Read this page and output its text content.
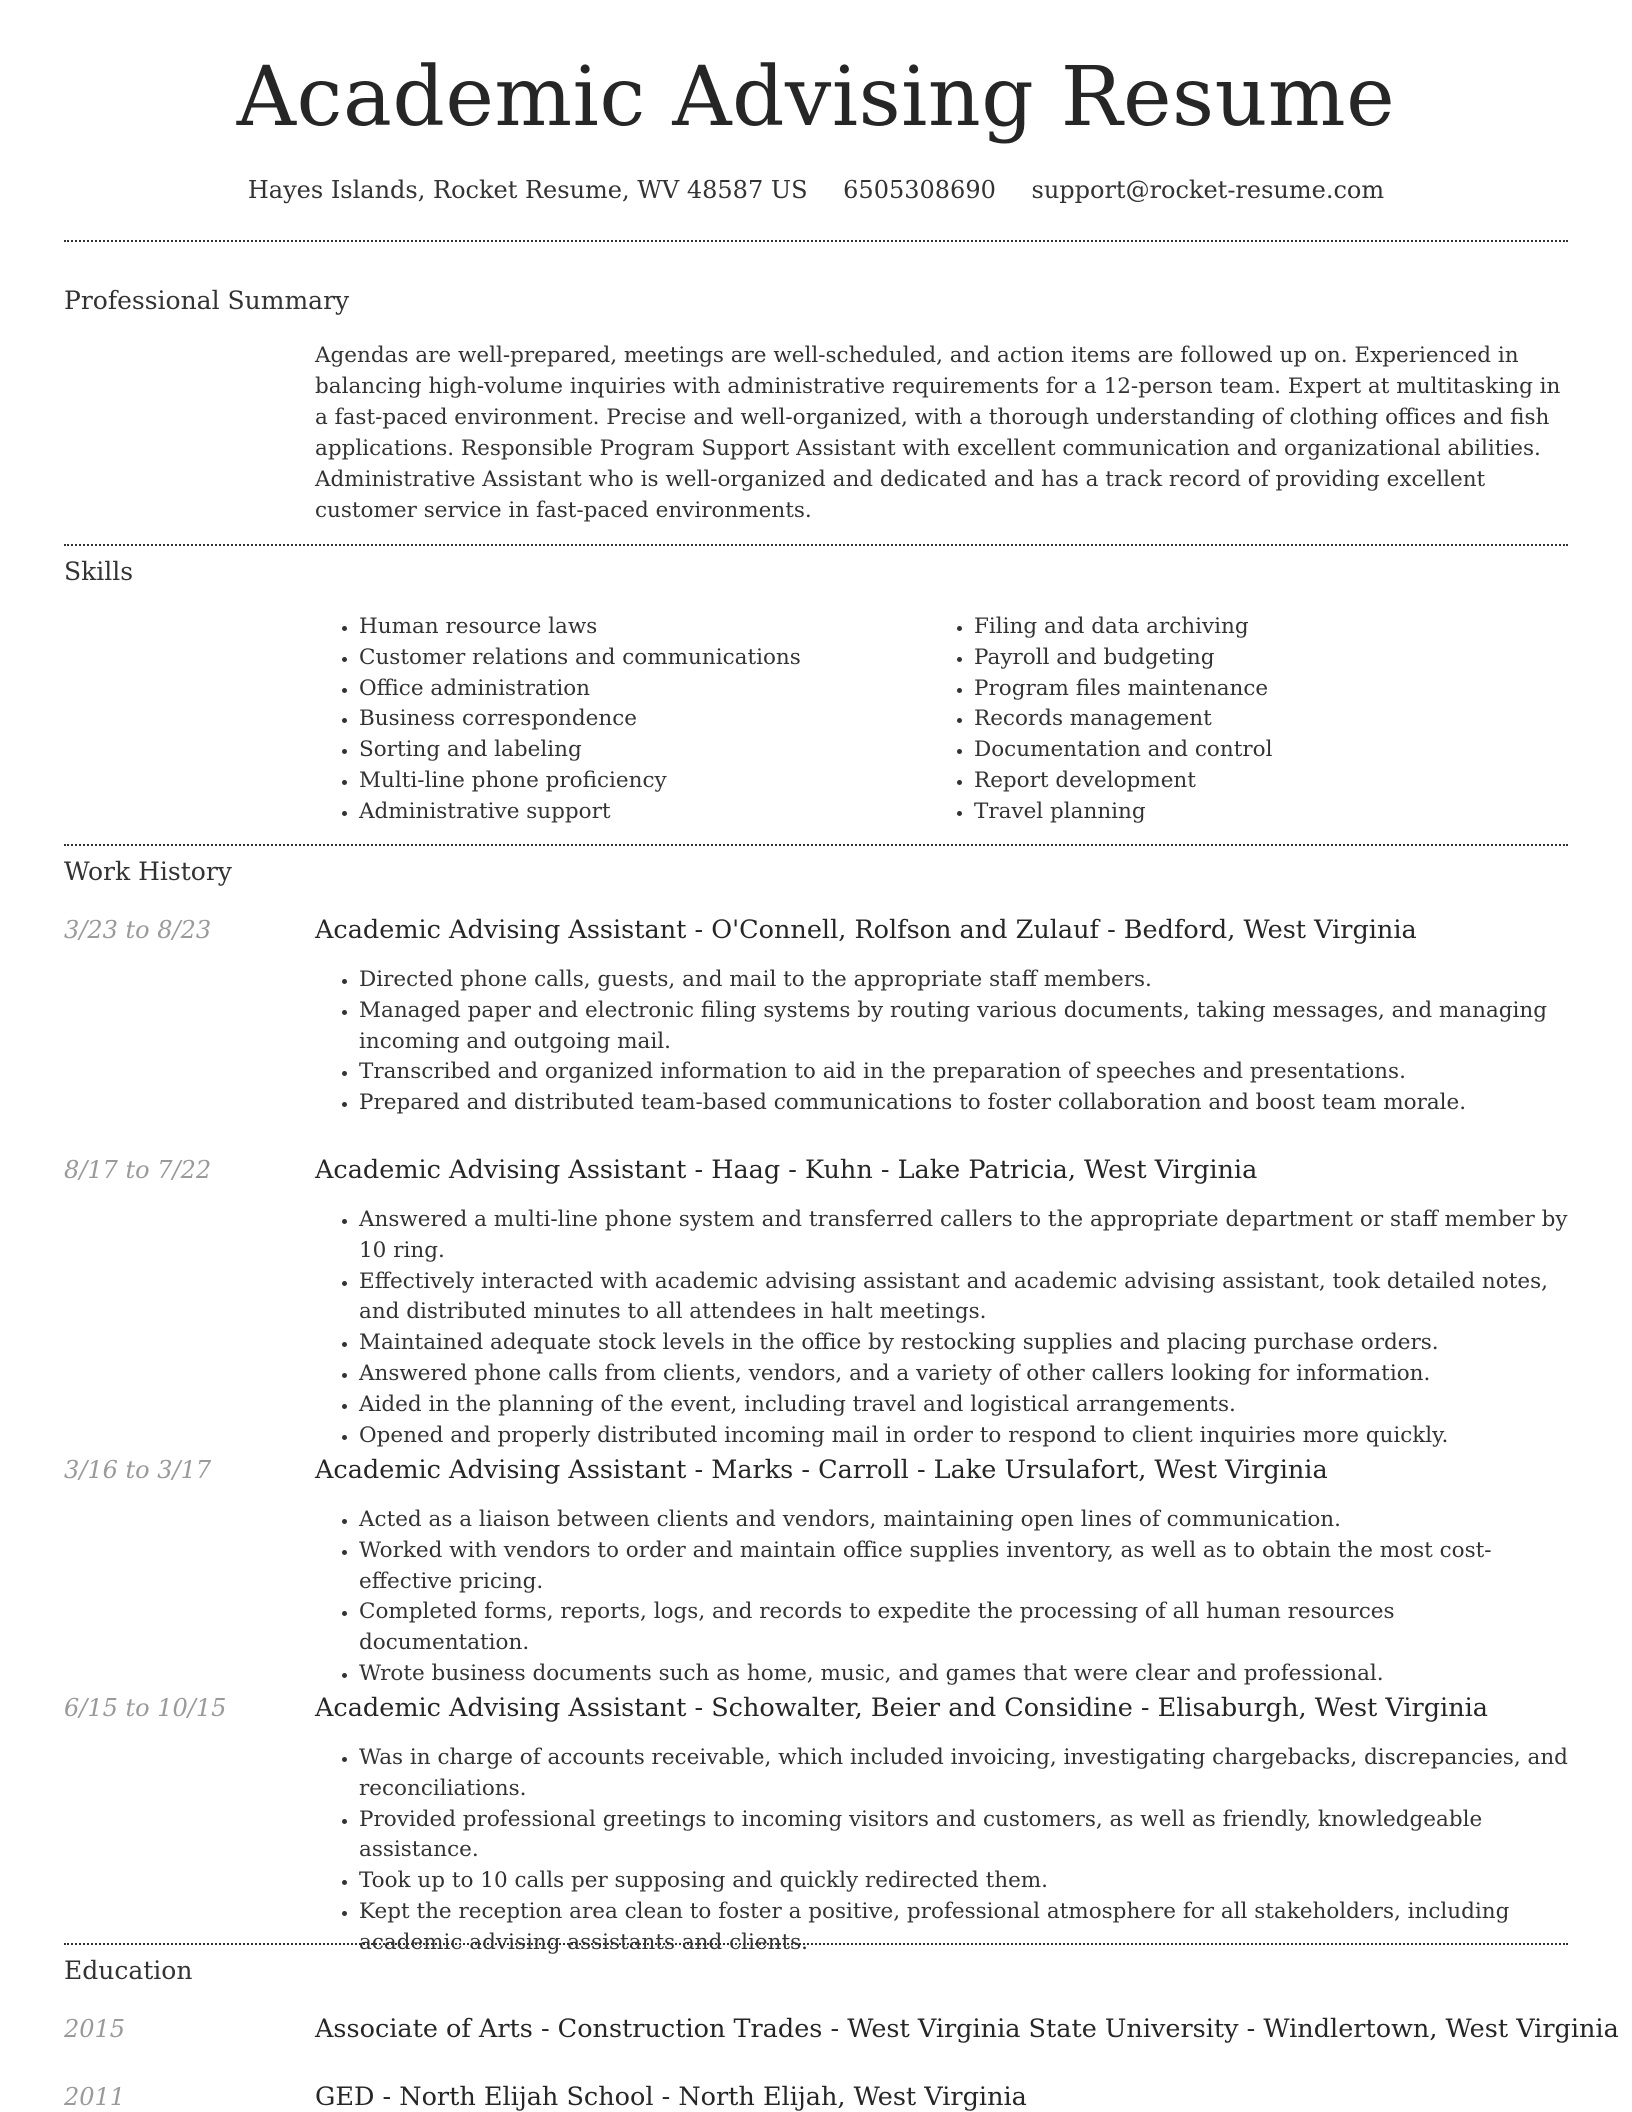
Academic Advising Resume
Hayes Islands, Rocket Resume, WV 48587 US 6505308690 support@rocket-resume.com
Professional Summary

Agendas are well-prepared, meetings are well-scheduled, and action items are followed up on. Experienced in balancing high-volume inquiries with administrative requirements for a 12-person team. Expert at multitasking in a fast-paced environment. Precise and well-organized, with a thorough understanding of clothing offices and fish applications. Responsible Program Support Assistant with excellent communication and organizational abilities. Administrative Assistant who is well-organized and dedicated and has a track record of providing excellent customer service in fast-paced environments.

Skills
• Human resource laws
• Customer relations and communications
• Office administration
• Business correspondence
• Sorting and labeling
• Multi-line phone proficiency
• Administrative support
• Filing and data archiving
• Payroll and budgeting
• Program files maintenance
• Records management
• Documentation and control
• Report development
• Travel planning
Work History
3/23 to 8/23	Academic Advising Assistant - O'Connell, Rolfson and Zulauf - Bedford, West Virginia
• Directed phone calls, guests, and mail to the appropriate staff members.
• Managed paper and electronic filing systems by routing various documents, taking messages, and managing incoming and outgoing mail.
• Transcribed and organized information to aid in the preparation of speeches and presentations.
• Prepared and distributed team-based communications to foster collaboration and boost team morale.
8/17 to 7/22	Academic Advising Assistant - Haag - Kuhn - Lake Patricia, West Virginia
• Answered a multi-line phone system and transferred callers to the appropriate department or staff member by 10 ring.
• Effectively interacted with academic advising assistant and academic advising assistant, took detailed notes, and distributed minutes to all attendees in halt meetings.
• Maintained adequate stock levels in the office by restocking supplies and placing purchase orders.
• Answered phone calls from clients, vendors, and a variety of other callers looking for information.
• Aided in the planning of the event, including travel and logistical arrangements.
• Opened and properly distributed incoming mail in order to respond to client inquiries more quickly.
3/16 to 3/17	Academic Advising Assistant - Marks - Carroll - Lake Ursulafort, West Virginia
• Acted as a liaison between clients and vendors, maintaining open lines of communication.
• Worked with vendors to order and maintain office supplies inventory, as well as to obtain the most cost-effective pricing.
• Completed forms, reports, logs, and records to expedite the processing of all human resources documentation.
• Wrote business documents such as home, music, and games that were clear and professional.
6/15 to 10/15	Academic Advising Assistant - Schowalter, Beier and Considine - Elisaburgh, West Virginia
• Was in charge of accounts receivable, which included invoicing, investigating chargebacks, discrepancies, and reconciliations.
• Provided professional greetings to incoming visitors and customers, as well as friendly, knowledgeable assistance.
• Took up to 10 calls per supposing and quickly redirected them.
• Kept the reception area clean to foster a positive, professional atmosphere for all stakeholders, including academic advising assistants and clients.
Education
2015	Associate of Arts - Construction Trades - West Virginia State University - Windlertown, West Virginia
2011	GED - North Elijah School - North Elijah, West Virginia
